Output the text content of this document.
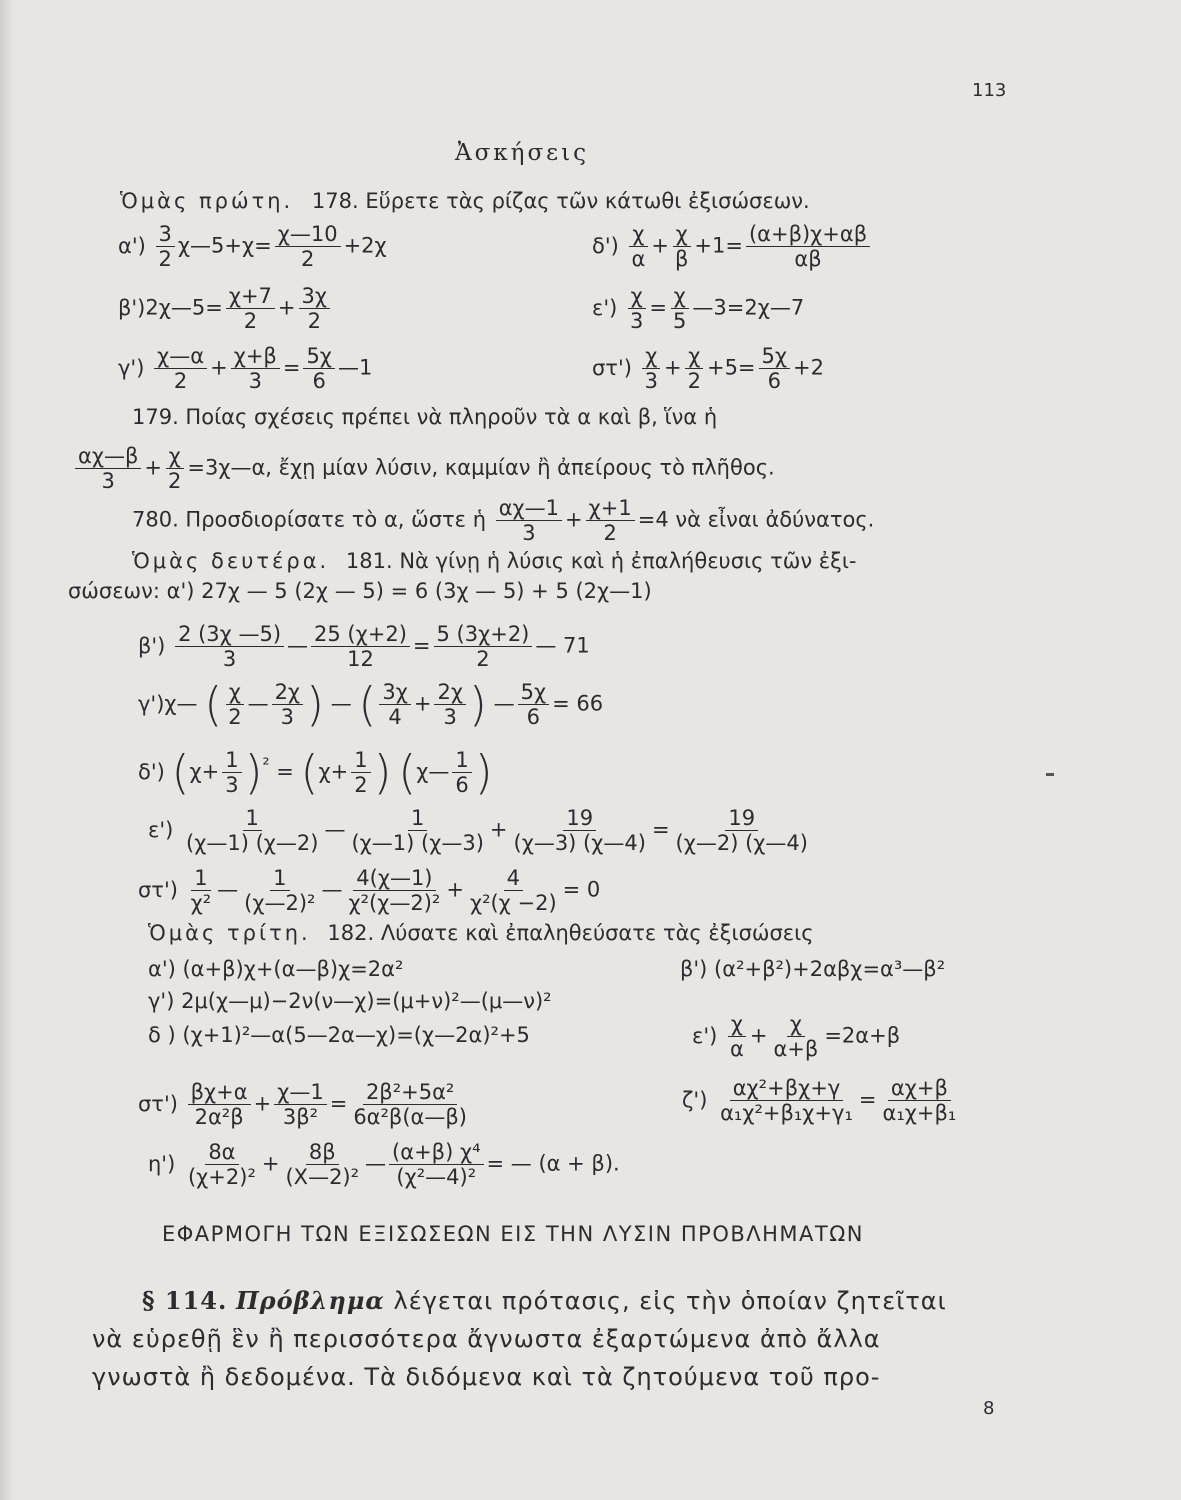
113
Ἀσκήσεις
Ὁμὰς πρώτη. 178. Εὕρετε τὰς ρίζας τῶν κάτωθι ἐξισώσεων.
$\alpha') \frac{3}{2}$ χ—5+χ= $\frac{\chi—10}{2} +2\chi$	$\delta') \frac{\chi}{\alpha} + \frac{\chi}{\beta} +1= \frac{(\alpha+\beta)\chi+\alpha\beta}{\alpha\beta}$
β')2χ—5= $\frac{\chi+7}{2} + \frac{3\chi}{2}$	$\varepsilon') \frac{\chi}{3} = \frac{\chi}{5}$ —3=2χ—7
$\gamma') \frac{\chi—\alpha}{2} + \frac{\chi+\beta}{3} = \frac{5\chi}{6}$ —1	$\sigma\tau') \frac{\chi}{3} + \frac{\chi}{2} +5= \frac{5\chi}{6} +2$
179. Ποίας σχέσεις πρέπει νὰ πληροῦν τὰ α καὶ β, ἵνα ἡ
$\frac{\alpha\chi—\beta}{3} + \frac{\chi}{2}$ =3χ—α, ἔχῃ μίαν λύσιν, καμμίαν ἢ ἀπείρους τὸ πλῆθος.
780. Προσδιορίσατε τὸ α, ὥστε ἡ $\frac{\alpha\chi—1}{3} + \frac{\chi+1}{2} =4$ νὰ εἶναι ἀδύνατος.
Ὁμὰς δευτέρα. 181. Νὰ γίνῃ ἡ λύσις καὶ ἡ ἐπαλήθευσις τῶν ἐξι-
σώσεων: α') 27χ — 5 (2χ — 5) = 6 (3χ — 5) + 5 (2χ—1)
$\beta') \frac{2 (3\chi —5)}{3}$ — $\frac{25 (\chi+2)}{12} = \frac{5 (3\chi+2)}{2}$ — 71
γ')χ— ( $\frac{\chi}{2}$ — $\frac{2\chi}{3}$ ) — ( $\frac{3\chi}{4} + \frac{2\chi}{3}$ ) — $\frac{5\chi}{6} = 66$
δ') $(\chi+ \frac{1}{3} )^{^2} = (\chi+ \frac{1}{2}$ ) (χ— $\frac{1}{6}$ )
$\varepsilon') \frac{1}{(\chi—1) (\chi—2)}$ — $\frac{1}{(\chi—1) (\chi—3)} + \frac{19}{(\chi—3) (\chi—4)} = \frac{19}{(\chi—2) (\chi—4)}$
$\sigma\tau') \frac{1}{\text{χ²}}$ — $\frac{1}{\text{(χ—2)²}}$ — $\frac{4(\chi—1)}{\text{χ²(χ—2)²}} + \frac{4}{\text{χ²(χ −2)}} = 0$
Ὁμὰς τρίτη. 182. Λύσατε καὶ ἐπαληθεύσατε τὰς ἐξισώσεις
α') (α+β)χ+(α—β)χ=2α²	β') (α²+β²)+2αβχ=α³—β²
γ') 2μ(χ—μ)−2ν(ν—χ)=(μ+ν)²—(μ—ν)²
δ ) (χ+1)²—α(5—2α—χ)=(χ—2α)²+5	$\varepsilon') \frac{\chi}{\alpha} + \frac{\chi}{\alpha+\beta} =2\alpha+\beta$
$\sigma\tau') \frac{\beta\chi+\alpha}{\text{2α²β}} + \frac{\chi—1}{\text{3β²}} = \frac{\text{2β²+5α²}}{\text{6α²β(α—β)}}$	$\zeta') \frac{\text{αχ²+βχ+γ}}{\text{α₁χ²+β₁χ+γ₁}} = \frac{\alpha\chi+\beta}{\text{α₁χ+β₁}}$
$\eta') \frac{8\alpha}{\text{(χ+2)²}} + \frac{8\beta}{\text{(Χ—2)²}}$ — $\frac{\text{(α+β) χ⁴}}{\text{(χ²—4)²}}$ = — (α + β).
ΕΦΑΡΜΟΓΗ ΤΩΝ ΕΞΙΣΩΣΕΩΝ ΕΙΣ ΤΗΝ ΛΥΣΙΝ ΠΡΟΒΛΗΜΑΤΩΝ
§ 114. Πρόβλημα λέγεται πρότασις, εἰς τὴν ὁποίαν ζητεῖται
νὰ εὑρεθῇ ἓν ἢ περισσότερα ἄγνωστα ἐξαρτώμενα ἀπὸ ἄλλα
γνωστὰ ἢ δεδομένα. Τὰ διδόμενα καὶ τὰ ζητούμενα τοῦ προ-
8
